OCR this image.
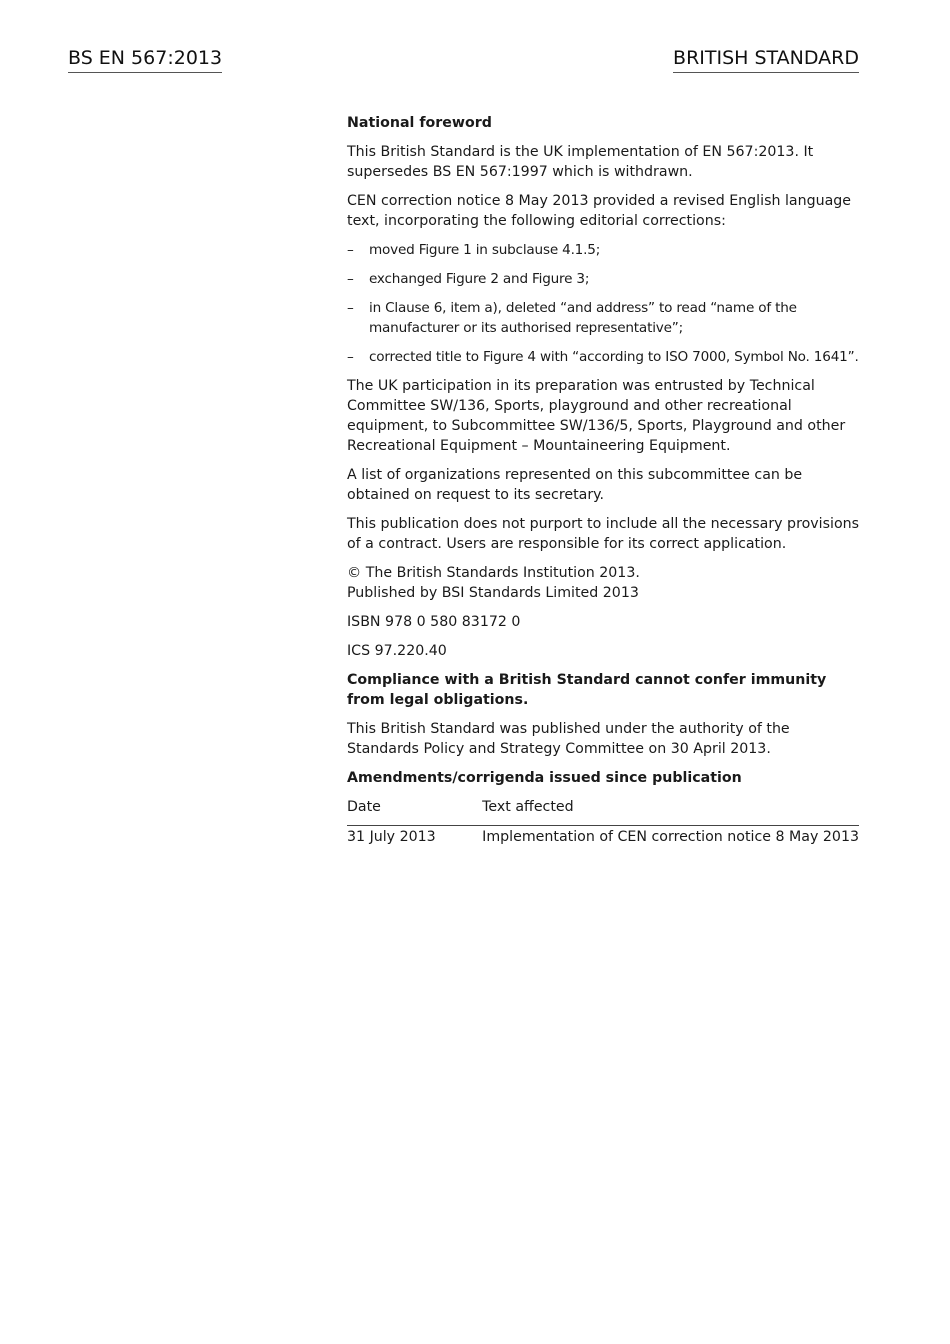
BS EN 567:2013	BRITISH STANDARD
National foreword

This British Standard is the UK implementation of EN 567:2013. It supersedes BS EN 567:1997 which is withdrawn.

CEN correction notice 8 May 2013 provided a revised English language text, incorporating the following editorial corrections:

– moved Figure 1 in subclause 4.1.5;
– exchanged Figure 2 and Figure 3;
– in Clause 6, item a), deleted “and address” to read “name of the manufacturer or its authorised representative”;
– corrected title to Figure 4 with “according to ISO 7000, Symbol No. 1641”.

The UK participation in its preparation was entrusted by Technical Committee SW/136, Sports, playground and other recreational equipment, to Subcommittee SW/136/5, Sports, Playground and other Recreational Equipment – Mountaineering Equipment.

A list of organizations represented on this subcommittee can be obtained on request to its secretary.

This publication does not purport to include all the necessary provisions of a contract. Users are responsible for its correct application.

© The British Standards Institution 2013.
Published by BSI Standards Limited 2013

ISBN 978 0 580 83172 0

ICS 97.220.40

Compliance with a British Standard cannot confer immunity from legal obligations.

This British Standard was published under the authority of the Standards Policy and Strategy Committee on 30 April 2013.

Amendments/corrigenda issued since publication
Date	Text affected
31 July 2013	Implementation of CEN correction notice 8 May 2013
